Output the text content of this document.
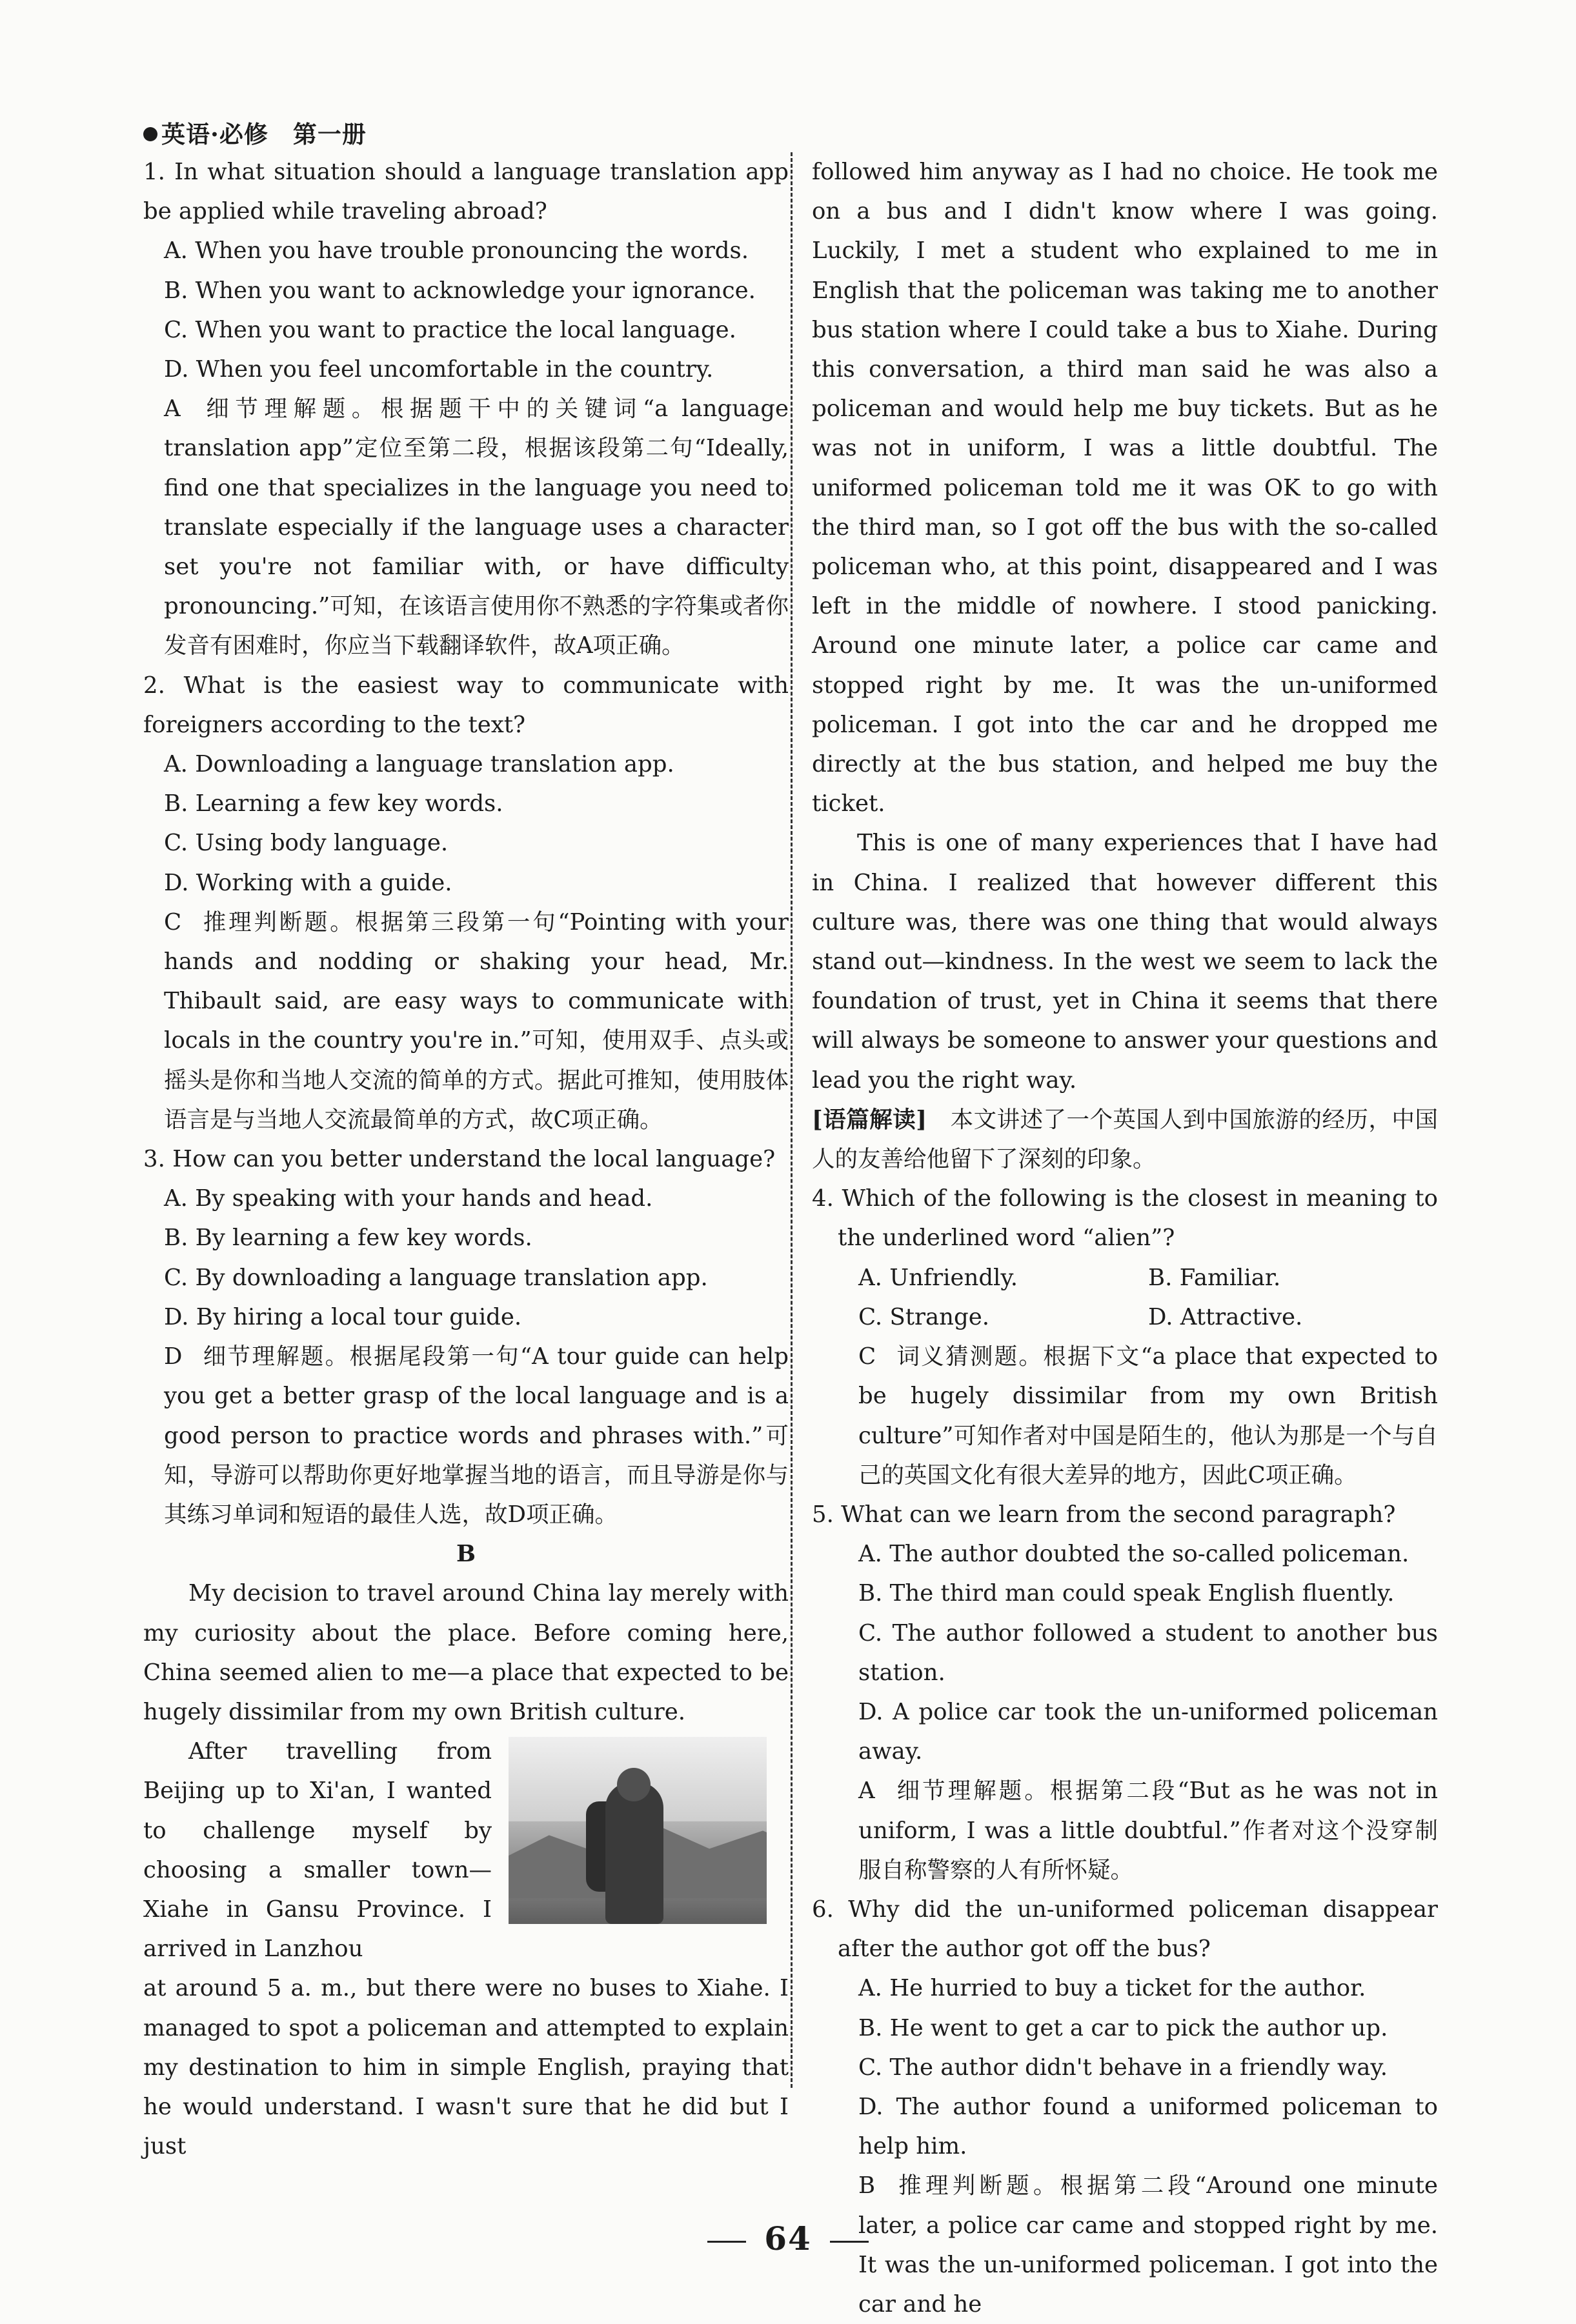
英语·必修　第一册

1. In what situation should a language translation app be applied while traveling abroad?

A. When you have trouble pronouncing the words.

B. When you want to acknowledge your ignorance.

C. When you want to practice the local language.

D. When you feel uncomfortable in the country.

A 细节理解题。根据题干中的关键词“a language translation app”定位至第二段，根据该段第二句“Ideally, find one that specializes in the language you need to translate especially if the language uses a character set you're not familiar with, or have difficulty pronouncing.”可知，在该语言使用你不熟悉的字符集或者你发音有困难时，你应当下载翻译软件，故A项正确。

2. What is the easiest way to communicate with foreigners according to the text?

A. Downloading a language translation app.

B. Learning a few key words.

C. Using body language.

D. Working with a guide.

C 推理判断题。根据第三段第一句“Pointing with your hands and nodding or shaking your head, Mr. Thibault said, are easy ways to communicate with locals in the country you're in.”可知，使用双手、点头或摇头是你和当地人交流的简单的方式。据此可推知，使用肢体语言是与当地人交流最简单的方式，故C项正确。

3. How can you better understand the local language?

A. By speaking with your hands and head.

B. By learning a few key words.

C. By downloading a language translation app.

D. By hiring a local tour guide.

D 细节理解题。根据尾段第一句“A tour guide can help you get a better grasp of the local language and is a good person to practice words and phrases with.”可知，导游可以帮助你更好地掌握当地的语言，而且导游是你与其练习单词和短语的最佳人选，故D项正确。

B

My decision to travel around China lay merely with my curiosity about the place. Before coming here, China seemed alien to me—a place that expected to be hugely dissimilar from my own British culture.

After travelling from Beijing up to Xi'an, I wanted to challenge myself by choosing a smaller town—Xiahe in Gansu Province. I arrived in Lanzhou

at around 5 a. m., but there were no buses to Xiahe. I managed to spot a policeman and attempted to explain my destination to him in simple English, praying that he would understand. I wasn't sure that he did but I just

followed him anyway as I had no choice. He took me on a bus and I didn't know where I was going. Luckily, I met a student who explained to me in English that the policeman was taking me to another bus station where I could take a bus to Xiahe. During this conversation, a third man said he was also a policeman and would help me buy tickets. But as he was not in uniform, I was a little doubtful. The uniformed policeman told me it was OK to go with the third man, so I got off the bus with the so-called policeman who, at this point, disappeared and I was left in the middle of nowhere. I stood panicking. Around one minute later, a police car came and stopped right by me. It was the un-uniformed policeman. I got into the car and he dropped me directly at the bus station, and helped me buy the ticket.

This is one of many experiences that I have had in China. I realized that however different this culture was, there was one thing that would always stand out—kindness. In the west we seem to lack the foundation of trust, yet in China it seems that there will always be someone to answer your questions and lead you the right way.

[语篇解读]　 本文讲述了一个英国人到中国旅游的经历，中国人的友善给他留下了深刻的印象。

4. Which of the following is the closest in meaning to the underlined word “alien”?

A. Unfriendly.	B. Familiar.
C. Strange.	D. Attractive.

C 词义猜测题。根据下文“a place that expected to be hugely dissimilar from my own British culture”可知作者对中国是陌生的，他认为那是一个与自己的英国文化有很大差异的地方，因此C项正确。

5. What can we learn from the second paragraph?

A. The author doubted the so-called policeman.

B. The third man could speak English fluently.

C. The author followed a student to another bus station.

D. A police car took the un-uniformed policeman away.

A 细节理解题。根据第二段“But as he was not in uniform, I was a little doubtful.”作者对这个没穿制服自称警察的人有所怀疑。

6. Why did the un-uniformed policeman disappear after the author got off the bus?

A. He hurried to buy a ticket for the author.

B. He went to get a car to pick the author up.

C. The author didn't behave in a friendly way.

D. The author found a uniformed policeman to help him.

B 推理判断题。根据第二段“Around one minute later, a police car came and stopped right by me. It was the un-uniformed policeman. I got into the car and he

64
